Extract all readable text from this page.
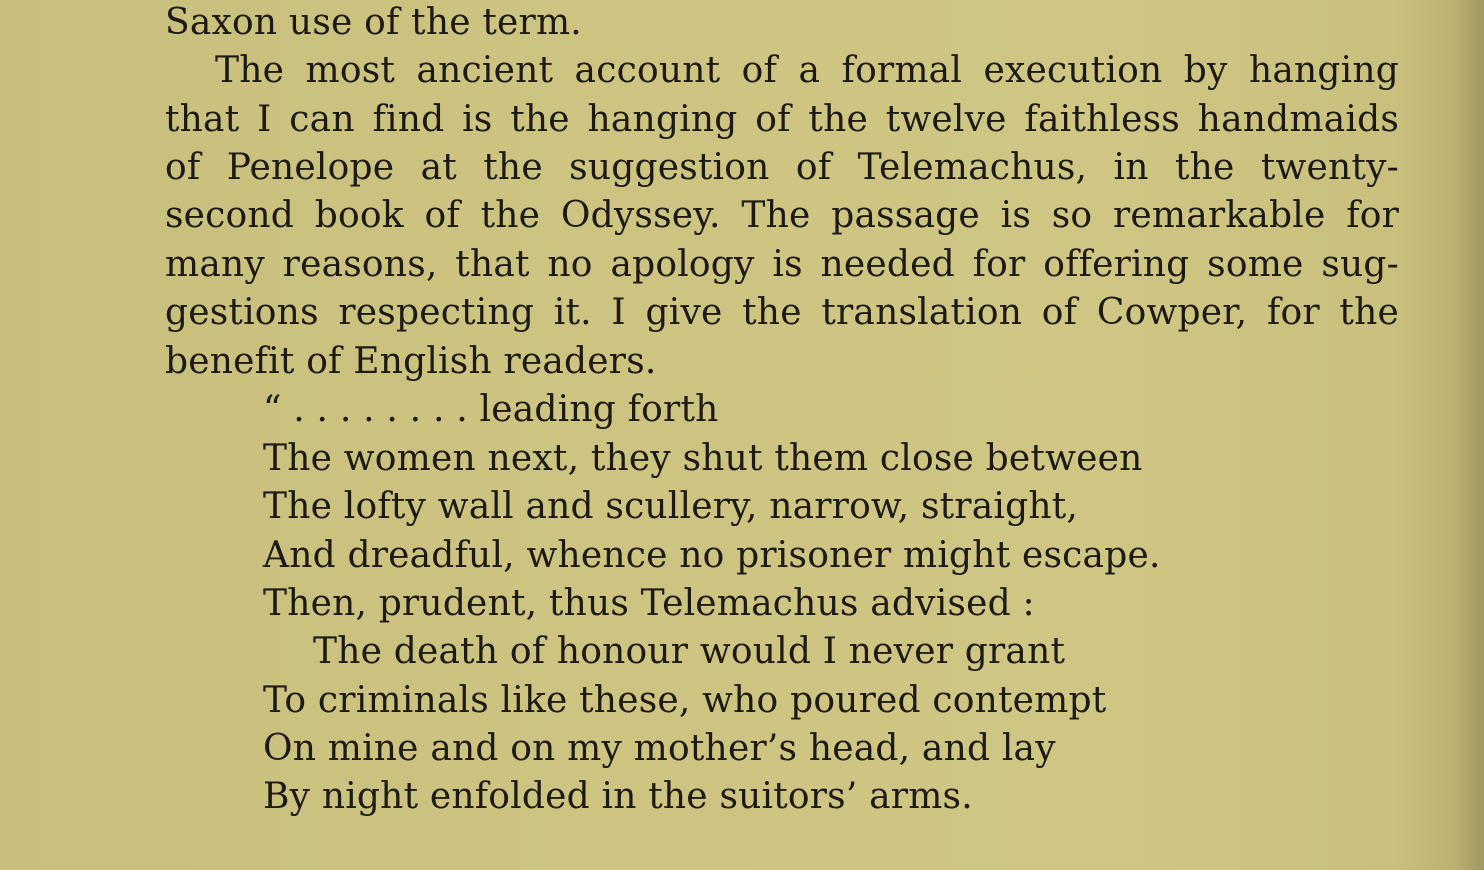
Saxon use of the term.
The most ancient account of a formal execution by hanging
that I can find is the hanging of the twelve faithless handmaids
of Penelope at the suggestion of Telemachus, in the twenty-
second book of the Odyssey. The passage is so remarkable for
many reasons, that no apology is needed for offering some sug-
gestions respecting it. I give the translation of Cowper, for the
benefit of English readers.
“ . . . . . . . . leading forth
The women next, they shut them close between
The lofty wall and scullery, narrow, straight,
And dreadful, whence no prisoner might escape.
Then, prudent, thus Telemachus advised :
The death of honour would I never grant
To criminals like these, who poured contempt
On mine and on my mother’s head, and lay
By night enfolded in the suitors’ arms.
